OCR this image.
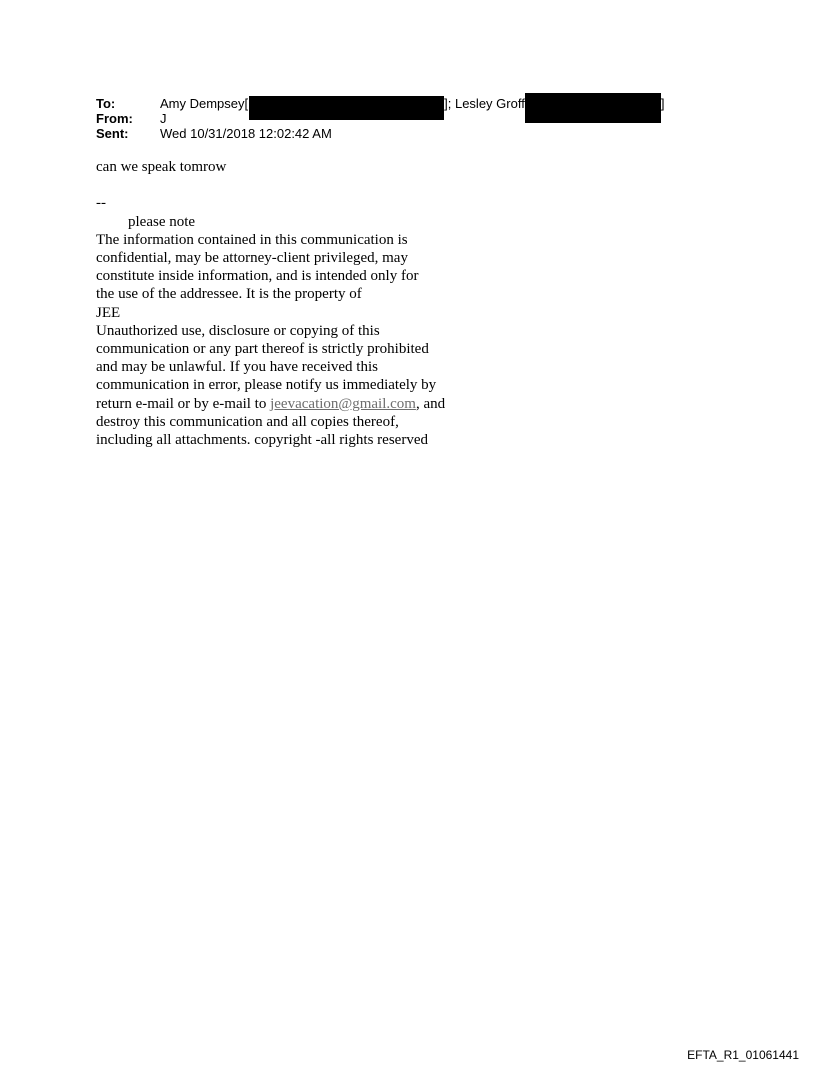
To:	Amy Dempsey[	]; Lesley Groff	]
From:	J
Sent:	Wed 10/31/2018 12:02:42 AM
can we speak tomrow

--
please note
The information contained in this communication is
confidential, may be attorney-client privileged, may
constitute inside information, and is intended only for
the use of the addressee. It is the property of
JEE
Unauthorized use, disclosure or copying of this
communication or any part thereof is strictly prohibited
and may be unlawful. If you have received this
communication in error, please notify us immediately by
return e-mail or by e-mail to jeevacation@gmail.com, and
destroy this communication and all copies thereof,
including all attachments. copyright -all rights reserved
EFTA_R1_01061441
